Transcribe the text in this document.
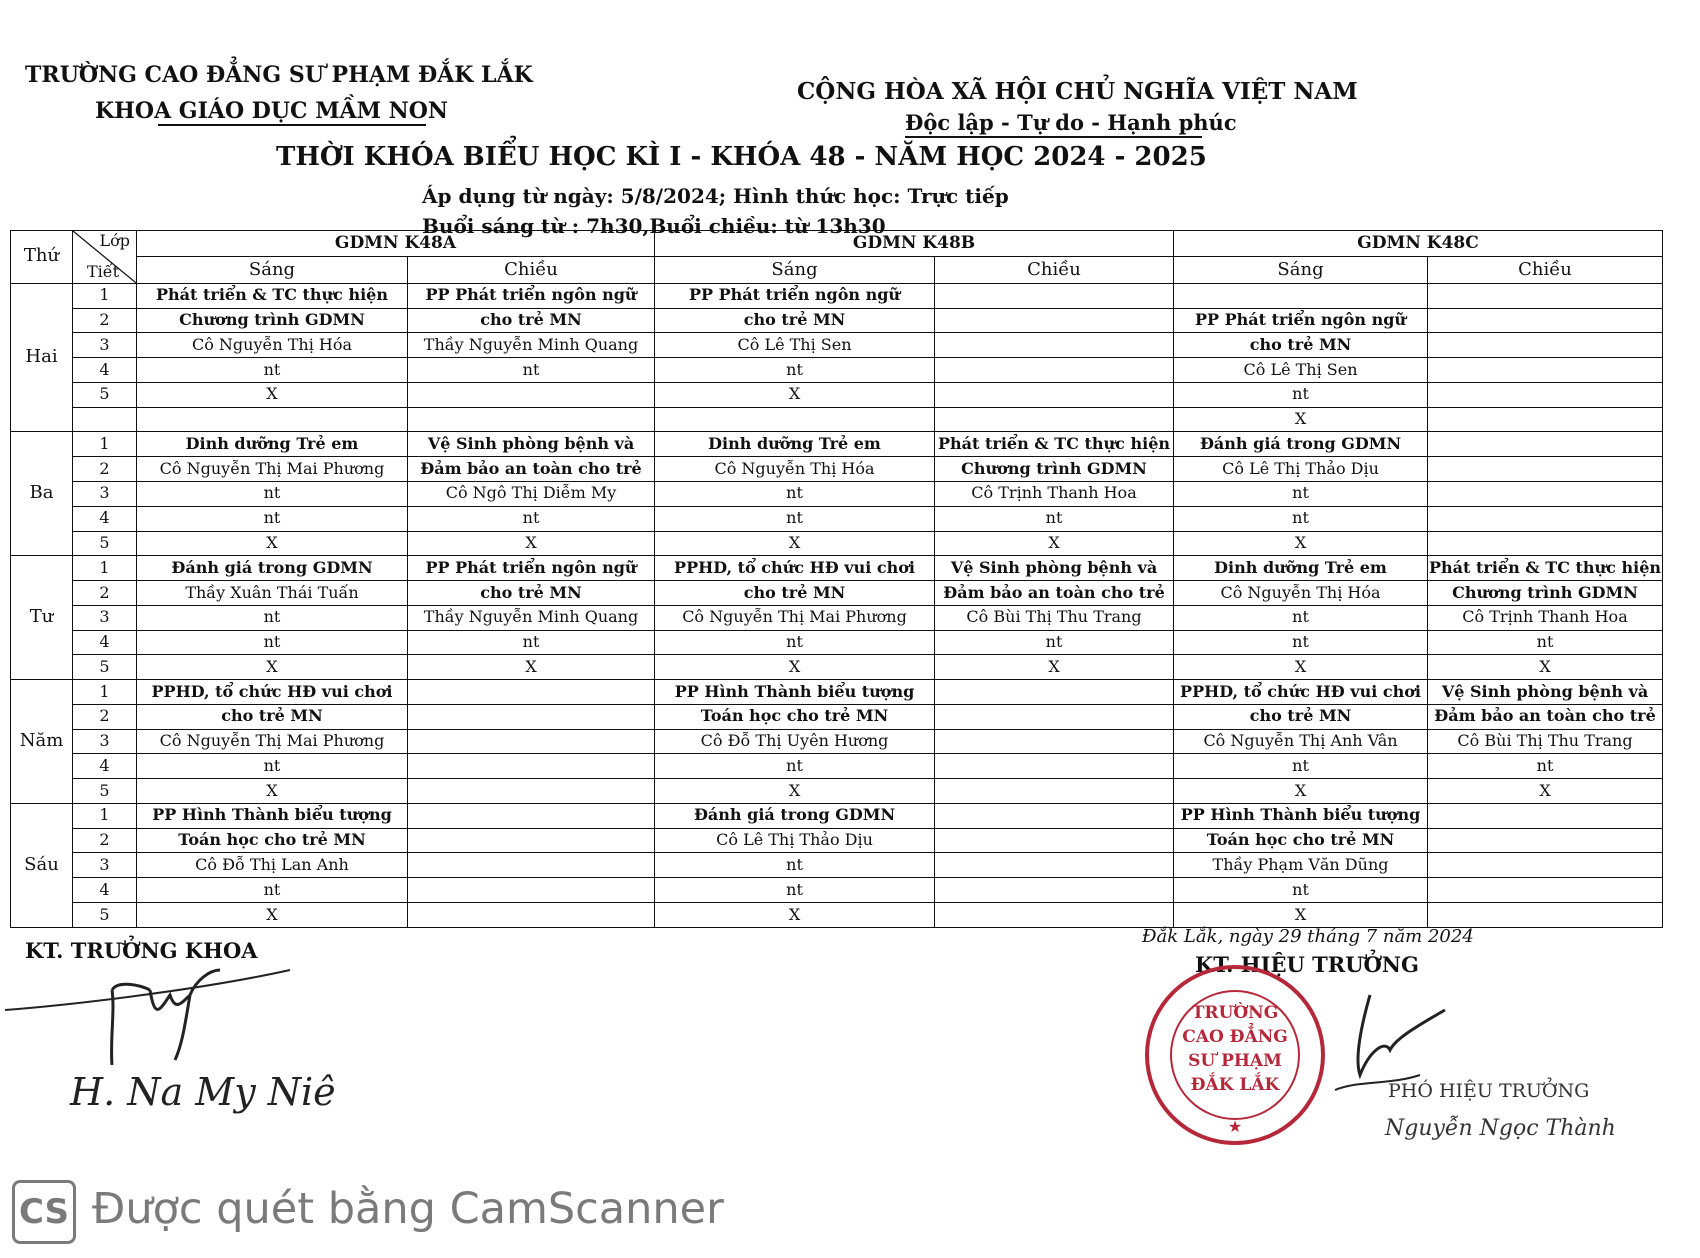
TRƯỜNG CAO ĐẲNG SƯ PHẠM ĐẮK LẮK
KHOA GIÁO DỤC MẦM NON
CỘNG HÒA XÃ HỘI CHỦ NGHĨA VIỆT NAM
Độc lập - Tự do - Hạnh phúc
THỜI KHÓA BIỂU HỌC KÌ I - KHÓA 48 - NĂM HỌC 2024 - 2025
Áp dụng từ ngày: 5/8/2024; Hình thức học: Trực tiếp
Buổi sáng từ : 7h30,Buổi chiều: từ 13h30
Thứ	Lớp
Tiết	GDMN K48A		GDMN K48B		GDMN K48C	
		Sáng	Chiều	Sáng	Chiều	Sáng	Chiều
Hai	1	Phát triển & TC thực hiện	PP Phát triển ngôn ngữ	PP Phát triển ngôn ngữ			
	2	Chương trình GDMN	cho trẻ MN	cho trẻ MN		PP Phát triển ngôn ngữ	
	3	Cô Nguyễn Thị Hóa	Thầy Nguyễn Minh Quang	Cô Lê Thị Sen		cho trẻ MN	
	4	nt	nt	nt		Cô Lê Thị Sen	
	5	X		X		nt	
						X	
Ba	1	Dinh dưỡng Trẻ em	Vệ Sinh phòng bệnh và	Dinh dưỡng Trẻ em	Phát triển & TC thực hiện	Đánh giá trong GDMN	
	2	Cô Nguyễn Thị Mai Phương	Đảm bảo an toàn cho trẻ	Cô Nguyễn Thị Hóa	Chương trình GDMN	Cô Lê Thị Thảo Dịu	
	3	nt	Cô Ngô Thị Diễm My	nt	Cô Trịnh Thanh Hoa	nt	
	4	nt	nt	nt	nt	nt	
	5	X	X	X	X	X	
Tư	1	Đánh giá trong GDMN	PP Phát triển ngôn ngữ	PPHD, tổ chức HĐ vui chơi	Vệ Sinh phòng bệnh và	Dinh dưỡng Trẻ em	Phát triển & TC thực hiện
	2	Thầy Xuân Thái Tuấn	cho trẻ MN	cho trẻ MN	Đảm bảo an toàn cho trẻ	Cô Nguyễn Thị Hóa	Chương trình GDMN
	3	nt	Thầy Nguyễn Minh Quang	Cô Nguyễn Thị Mai Phương	Cô Bùi Thị Thu Trang	nt	Cô Trịnh Thanh Hoa
	4	nt	nt	nt	nt	nt	nt
	5	X	X	X	X	X	X
Năm	1	PPHD, tổ chức HĐ vui chơi		PP Hình Thành biểu tượng		PPHD, tổ chức HĐ vui chơi	Vệ Sinh phòng bệnh và
	2	cho trẻ MN		Toán học cho trẻ MN		cho trẻ MN	Đảm bảo an toàn cho trẻ
	3	Cô Nguyễn Thị Mai Phương		Cô Đỗ Thị Uyên Hương		Cô Nguyễn Thị Anh Vân	Cô Bùi Thị Thu Trang
	4	nt		nt		nt	nt
	5	X		X		X	X
Sáu	1	PP Hình Thành biểu tượng		Đánh giá trong GDMN		PP Hình Thành biểu tượng	
	2	Toán học cho trẻ MN		Cô Lê Thị Thảo Dịu		Toán học cho trẻ MN	
	3	Cô Đỗ Thị Lan Anh		nt		Thầy Phạm Văn Dũng	
	4	nt		nt		nt	
	5	X		X		X	
KT. TRƯỞNG KHOA
H. Na My Niê
Đắk Lắk, ngày 29 tháng 7 năm 2024
KT. HIỆU TRƯỞNG
TRƯỜNG
CAO ĐẲNG
SƯ PHẠM
ĐẮK LẮK
★
PHÓ HIỆU TRƯỞNG
Nguyễn Ngọc Thành
CS Được quét bằng CamScanner
